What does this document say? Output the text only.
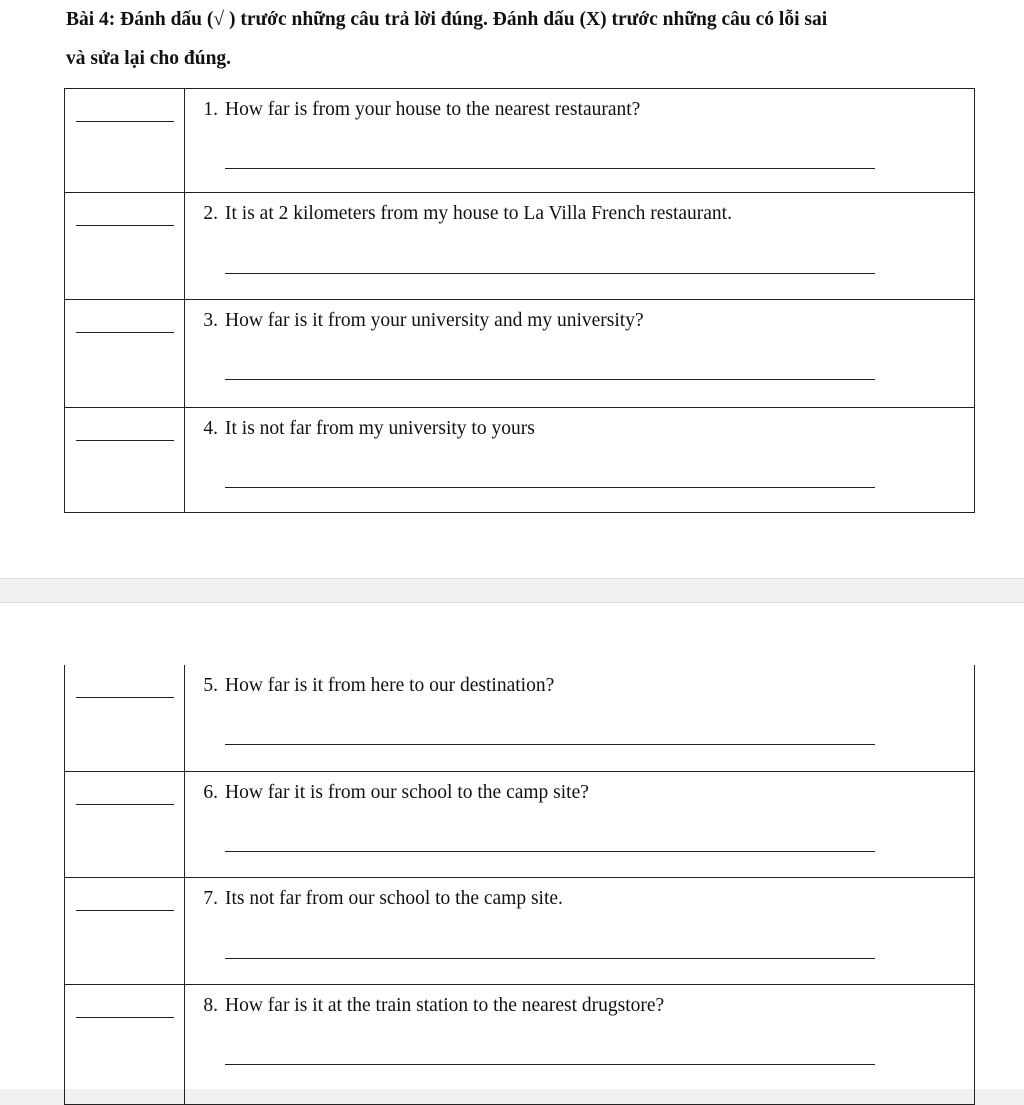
Bài 4: Đánh dấu (√ ) trước những câu trả lời đúng. Đánh dấu (X) trước những câu có lỗi sai
và sửa lại cho đúng.

	1. How far is from your house to the nearest restaurant?

	2. It is at 2 kilometers from my house to La Villa French restaurant.

	3. How far is it from your university and my university?

	4. It is not far from my university to yours

	5. How far is it from here to our destination?

	6. How far it is from our school to the camp site?

	7. Its not far from our school to the camp site.

	8. How far is it at the train station to the nearest drugstore?
